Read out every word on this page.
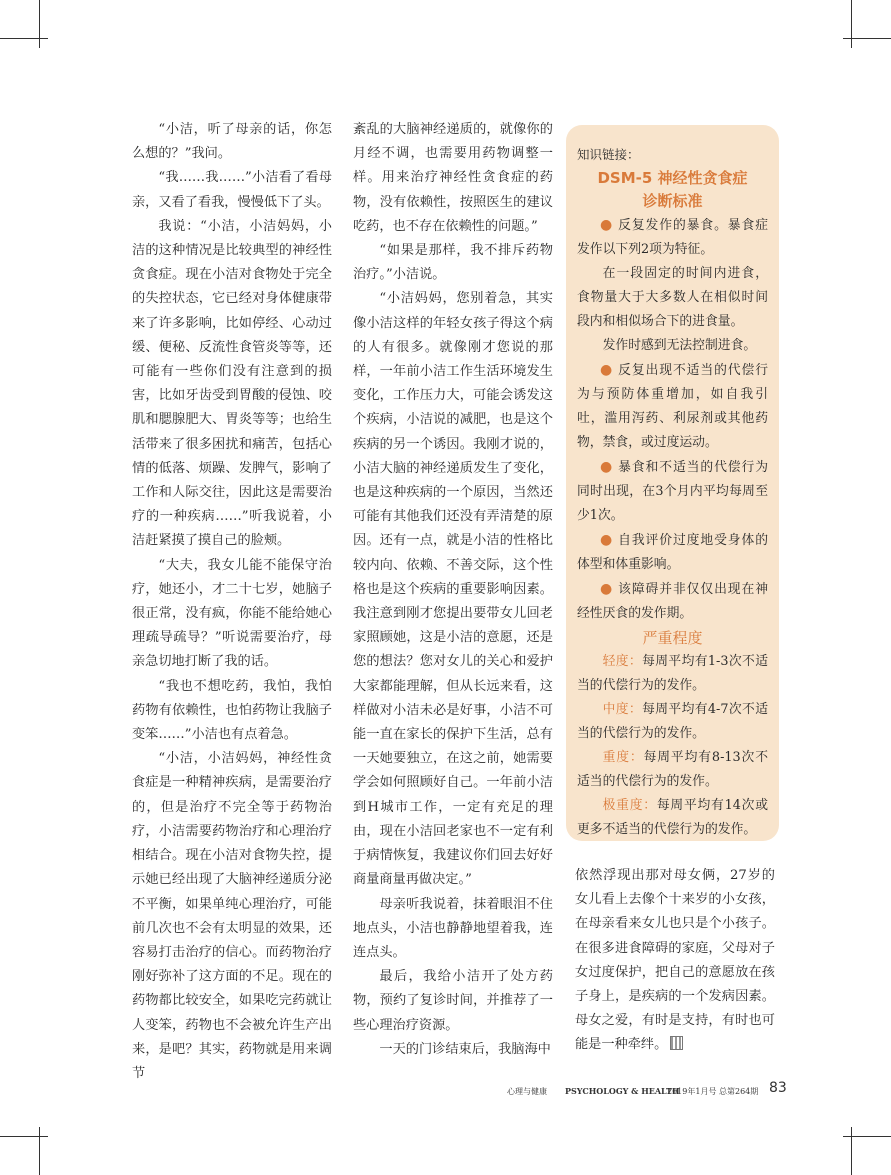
“小洁，听了母亲的话，你怎么想的？”我问。

“我……我……”小洁看了看母亲，又看了看我，慢慢低下了头。

我说：“小洁，小洁妈妈，小洁的这种情况是比较典型的神经性贪食症。现在小洁对食物处于完全的失控状态，它已经对身体健康带来了许多影响，比如停经、心动过缓、便秘、反流性食管炎等等，还可能有一些你们没有注意到的损害，比如牙齿受到胃酸的侵蚀、咬肌和腮腺肥大、胃炎等等；也给生活带来了很多困扰和痛苦，包括心情的低落、烦躁、发脾气，影响了工作和人际交往，因此这是需要治疗的一种疾病……”听我说着，小洁赶紧摸了摸自己的脸颊。

“大夫，我女儿能不能保守治疗，她还小，才二十七岁，她脑子很正常，没有疯，你能不能给她心理疏导疏导？”听说需要治疗，母亲急切地打断了我的话。

“我也不想吃药，我怕，我怕药物有依赖性，也怕药物让我脑子变笨……”小洁也有点着急。

“小洁，小洁妈妈，神经性贪食症是一种精神疾病，是需要治疗的，但是治疗不完全等于药物治疗，小洁需要药物治疗和心理治疗相结合。现在小洁对食物失控，提示她已经出现了大脑神经递质分泌不平衡，如果单纯心理治疗，可能前几次也不会有太明显的效果，还容易打击治疗的信心。而药物治疗刚好弥补了这方面的不足。现在的药物都比较安全，如果吃完药就让人变笨，药物也不会被允许生产出来，是吧？其实，药物就是用来调节

紊乱的大脑神经递质的，就像你的月经不调，也需要用药物调整一样。用来治疗神经性贪食症的药物，没有依赖性，按照医生的建议吃药，也不存在依赖性的问题。”

“如果是那样，我不排斥药物治疗。”小洁说。

“小洁妈妈，您别着急，其实像小洁这样的年轻女孩子得这个病的人有很多。就像刚才您说的那样，一年前小洁工作生活环境发生变化，工作压力大，可能会诱发这个疾病，小洁说的减肥，也是这个疾病的另一个诱因。我刚才说的，小洁大脑的神经递质发生了变化，也是这种疾病的一个原因，当然还可能有其他我们还没有弄清楚的原因。还有一点，就是小洁的性格比较内向、依赖、不善交际，这个性格也是这个疾病的重要影响因素。我注意到刚才您提出要带女儿回老家照顾她，这是小洁的意愿，还是您的想法？您对女儿的关心和爱护大家都能理解，但从长远来看，这样做对小洁未必是好事，小洁不可能一直在家长的保护下生活，总有一天她要独立，在这之前，她需要学会如何照顾好自己。一年前小洁到H城市工作，一定有充足的理由，现在小洁回老家也不一定有利于病情恢复，我建议你们回去好好商量商量再做决定。”

母亲听我说着，抹着眼泪不住地点头，小洁也静静地望着我，连连点头。

最后，我给小洁开了处方药物，预约了复诊时间，并推荐了一些心理治疗资源。

一天的门诊结束后，我脑海中

知识链接：
DSM-5 神经性贪食症
诊断标准

● 反复发作的暴食。暴食症发作以下列2项为特征。

在一段固定的时间内进食，食物量大于大多数人在相似时间段内和相似场合下的进食量。

发作时感到无法控制进食。

● 反复出现不适当的代偿行为与预防体重增加，如自我引吐，滥用泻药、利尿剂或其他药物，禁食，或过度运动。

● 暴食和不适当的代偿行为同时出现，在3个月内平均每周至少1次。

● 自我评价过度地受身体的体型和体重影响。

● 该障碍并非仅仅出现在神经性厌食的发作期。

严重程度

轻度：每周平均有1-3次不适当的代偿行为的发作。

中度：每周平均有4-7次不适当的代偿行为的发作。

重度：每周平均有8-13次不适当的代偿行为的发作。

极重度：每周平均有14次或更多不适当的代偿行为的发作。

依然浮现出那对母女俩，27岁的女儿看上去像个十来岁的小女孩，在母亲看来女儿也只是个小孩子。在很多进食障碍的家庭，父母对子女过度保护，把自己的意愿放在孩子身上，是疾病的一个发病因素。母女之爱，有时是支持，有时也可能是一种牵绊。

心理与健康 PSYCHOLOGY & HEALTH
2019年1月号 总第264期 83
